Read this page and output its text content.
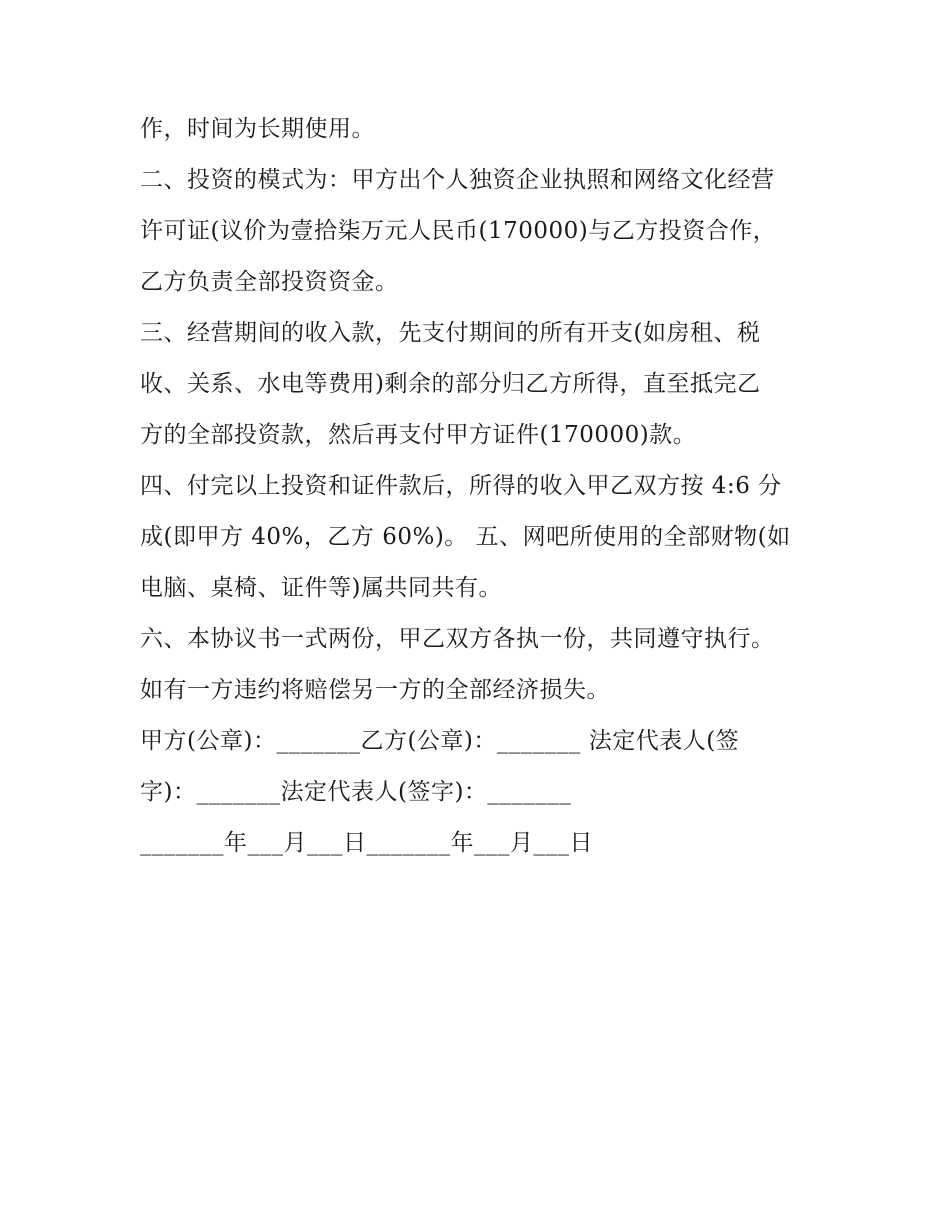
作，时间为长期使用。
二、投资的模式为：甲方出个人独资企业执照和网络文化经营
许可证(议价为壹拾柒万元人民币(170000)与乙方投资合作，
乙方负责全部投资资金。
三、经营期间的收入款，先支付期间的所有开支(如房租、税
收、关系、水电等费用)剩余的部分归乙方所得，直至抵完乙
方的全部投资款，然后再支付甲方证件(170000)款。
四、付完以上投资和证件款后，所得的收入甲乙双方按 4:6 分
成(即甲方 40%，乙方 60%)。 五、网吧所使用的全部财物(如
电脑、桌椅、证件等)属共同共有。
六、本协议书一式两份，甲乙双方各执一份，共同遵守执行。
如有一方违约将赔偿另一方的全部经济损失。
甲方(公章)：_______乙方(公章)：_______ 法定代表人(签
字)：_______法定代表人(签字)：_______
_______年___月___日_______年___月___日
